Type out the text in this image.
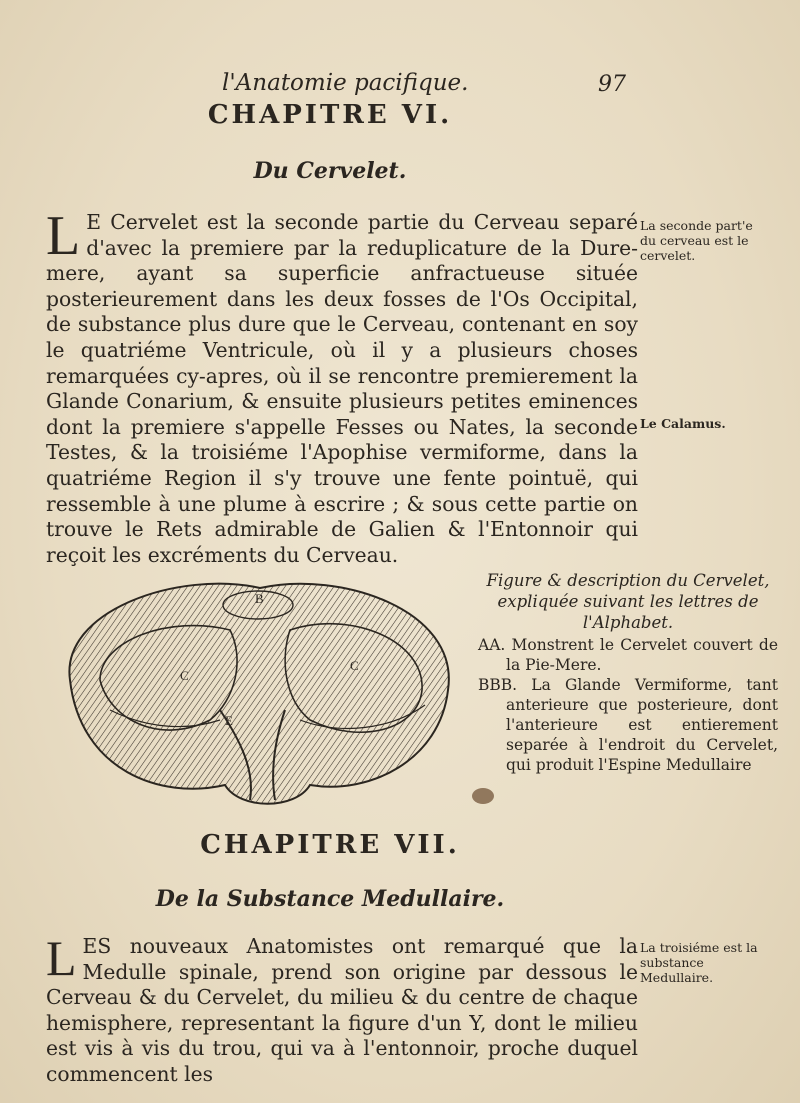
l'Anatomie pacifique.	97

CHAPITRE VI.
Du Cervelet.
L E Cervelet est la seconde partie du Cerveau separé d'avec la premiere par la reduplicature de la Dure-mere, ayant sa superficie anfractueuse située posterieurement dans les deux fosses de l'Os Occipital, de substance plus dure que le Cerveau, contenant en soy le quatriéme Ventricule, où il y a plusieurs choses remarquées cy-apres, où il se rencontre premierement la Glande Conarium, & ensuite plusieurs petites eminences dont la premiere s'appelle Fesses ou Nates, la seconde Testes, & la troisiéme l'Apophise vermiforme, dans la quatriéme Region il s'y trouve une fente pointuë, qui ressemble à une plume à escrire ; & sous cette partie on trouve le Rets admirable de Galien & l'Entonnoir qui reçoit les excréments du Cerveau.

La seconde part'e du cerveau est le cervelet.

Le Calamus.

B
C
C
E

Figure & description du Cervelet, expliquée suivant les lettres de l'Alphabet.

AA. Monstrent le Cervelet couvert de la Pie-Mere.

BBB. La Glande Vermiforme, tant anterieure que posterieure, dont l'anterieure est entierement separée à l'endroit du Cervelet, qui produit l'Espine Medullaire

CHAPITRE VII.
De la Substance Medullaire.
LES nouveaux Anatomistes ont remarqué que la Medulle spinale, prend son origine par dessous le Cerveau & du Cervelet, du milieu & du centre de chaque hemisphere, representant la figure d'un Y, dont le milieu est vis à vis du trou, qui va à l'entonnoir, proche duquel commencent les

La troisiéme est la substance Medullaire.
